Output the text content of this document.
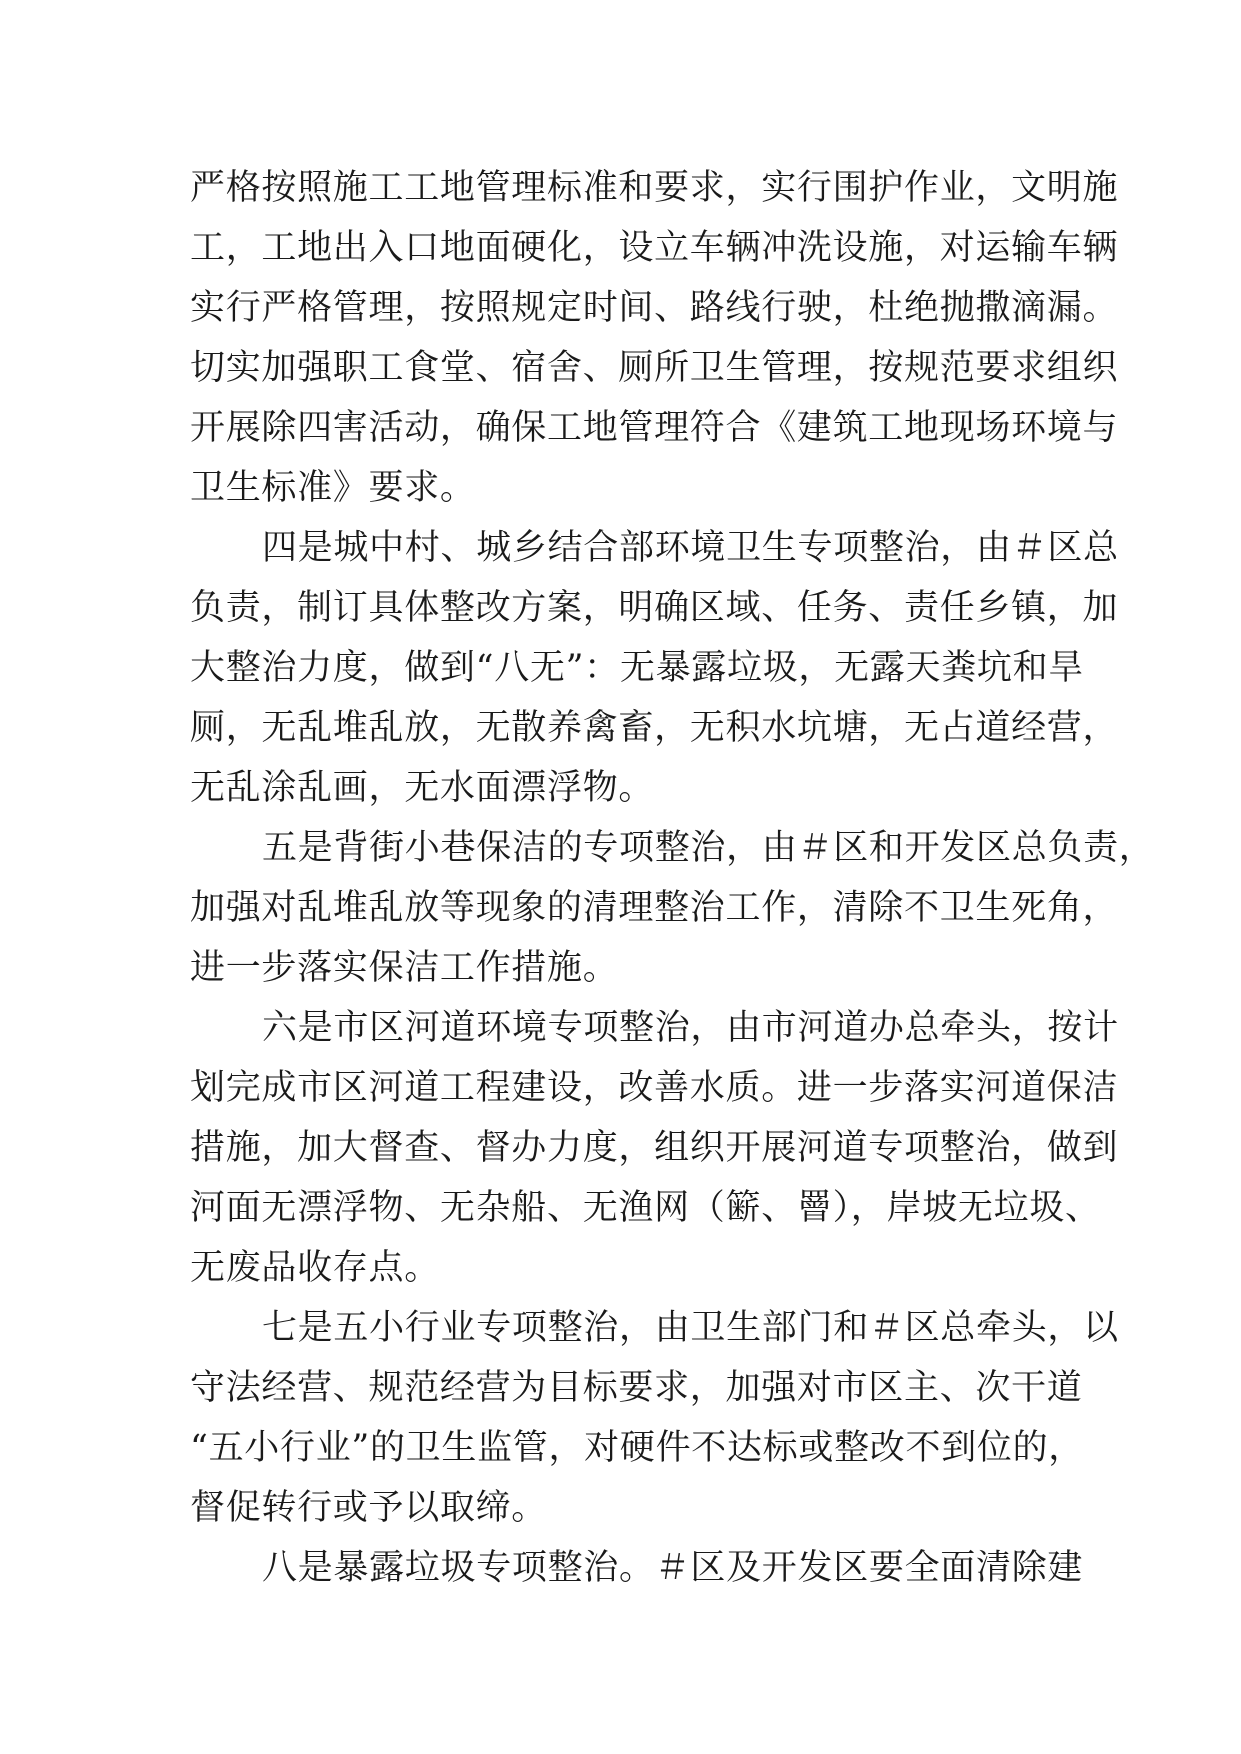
严格按照施工工地管理标准和要求，实行围护作业，文明施
工，工地出入口地面硬化，设立车辆冲洗设施，对运输车辆
实行严格管理，按照规定时间、路线行驶，杜绝抛撒滴漏。
切实加强职工食堂、宿舍、厕所卫生管理，按规范要求组织
开展除四害活动，确保工地管理符合《建筑工地现场环境与
卫生标准》要求。
四是城中村、城乡结合部环境卫生专项整治，由＃区总
负责，制订具体整改方案，明确区域、任务、责任乡镇，加
大整治力度，做到“八无”：无暴露垃圾，无露天粪坑和旱
厕，无乱堆乱放，无散养禽畜，无积水坑塘，无占道经营，
无乱涂乱画，无水面漂浮物。
五是背街小巷保洁的专项整治，由＃区和开发区总负责，
加强对乱堆乱放等现象的清理整治工作，清除不卫生死角，
进一步落实保洁工作措施。
六是市区河道环境专项整治，由市河道办总牵头，按计
划完成市区河道工程建设，改善水质。进一步落实河道保洁
措施，加大督查、督办力度，组织开展河道专项整治，做到
河面无漂浮物、无杂船、无渔网（簖、罾），岸坡无垃圾、
无废品收存点。
七是五小行业专项整治，由卫生部门和＃区总牵头，以
守法经营、规范经营为目标要求，加强对市区主、次干道
“五小行业”的卫生监管，对硬件不达标或整改不到位的，
督促转行或予以取缔。
八是暴露垃圾专项整治。＃区及开发区要全面清除建
